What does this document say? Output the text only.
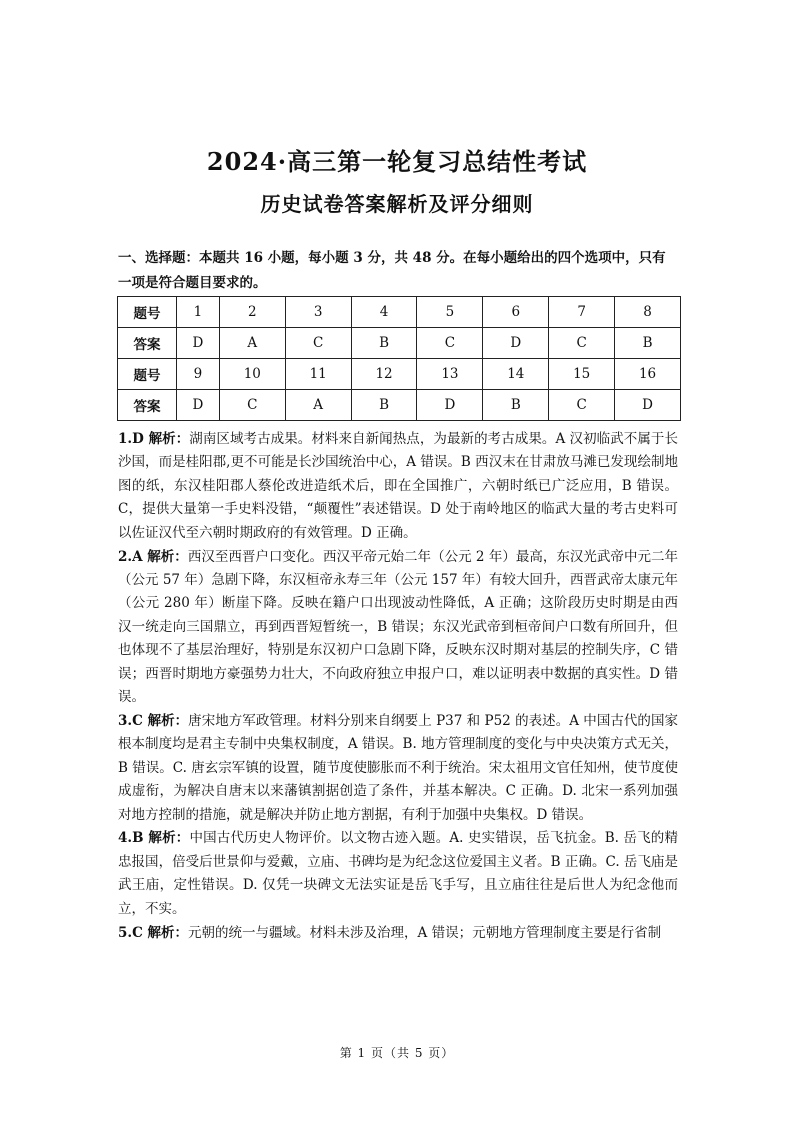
2024·高三第一轮复习总结性考试
历史试卷答案解析及评分细则
一、选择题：本题共 16 小题，每小题 3 分，共 48 分。在每小题给出的四个选项中，只有一项是符合题目要求的。
题号	1	2	3	4	5	6	7	8
答案	D	A	C	B	C	D	C	B
题号	9	10	11	12	13	14	15	16
答案	D	C	A	B	D	B	C	D

1.D 解析：湖南区域考古成果。材料来自新闻热点，为最新的考古成果。A 汉初临武不属于长沙国，而是桂阳郡,更不可能是长沙国统治中心，A 错误。B 西汉末在甘肃放马滩已发现绘制地图的纸，东汉桂阳郡人蔡伦改进造纸术后，即在全国推广，六朝时纸已广泛应用，B 错误。C，提供大量第一手史料没错，“颠覆性”表述错误。D 处于南岭地区的临武大量的考古史料可以佐证汉代至六朝时期政府的有效管理。D 正确。

2.A 解析：西汉至西晋户口变化。西汉平帝元始二年（公元 2 年）最高，东汉光武帝中元二年（公元 57 年）急剧下降，东汉桓帝永寿三年（公元 157 年）有较大回升，西晋武帝太康元年（公元 280 年）断崖下降。反映在籍户口出现波动性降低，A 正确；这阶段历史时期是由西汉一统走向三国鼎立，再到西晋短暂统一，B 错误；东汉光武帝到桓帝间户口数有所回升，但也体现不了基层治理好，特别是东汉初户口急剧下降，反映东汉时期对基层的控制失序，C 错误；西晋时期地方豪强势力壮大，不向政府独立申报户口，难以证明表中数据的真实性。D 错误。

3.C 解析：唐宋地方军政管理。材料分别来自纲要上 P37 和 P52 的表述。A 中国古代的国家根本制度均是君主专制中央集权制度，A 错误。B. 地方管理制度的变化与中央决策方式无关，B 错误。C. 唐玄宗军镇的设置，随节度使膨胀而不利于统治。宋太祖用文官任知州，使节度使成虚衔，为解决自唐末以来藩镇割据创造了条件，并基本解决。C 正确。D. 北宋一系列加强对地方控制的措施，就是解决并防止地方割据，有利于加强中央集权。D 错误。

4.B 解析：中国古代历史人物评价。以文物古迹入题。A. 史实错误，岳飞抗金。B. 岳飞的精忠报国，倍受后世景仰与爱戴，立庙、书碑均是为纪念这位爱国主义者。B 正确。C. 岳飞庙是武王庙，定性错误。D. 仅凭一块碑文无法实证是岳飞手写，且立庙往往是后世人为纪念他而立，不实。

5.C 解析：元朝的统一与疆域。材料未涉及治理，A 错误；元朝地方管理制度主要是行省制

第 1 页（共 5 页）
